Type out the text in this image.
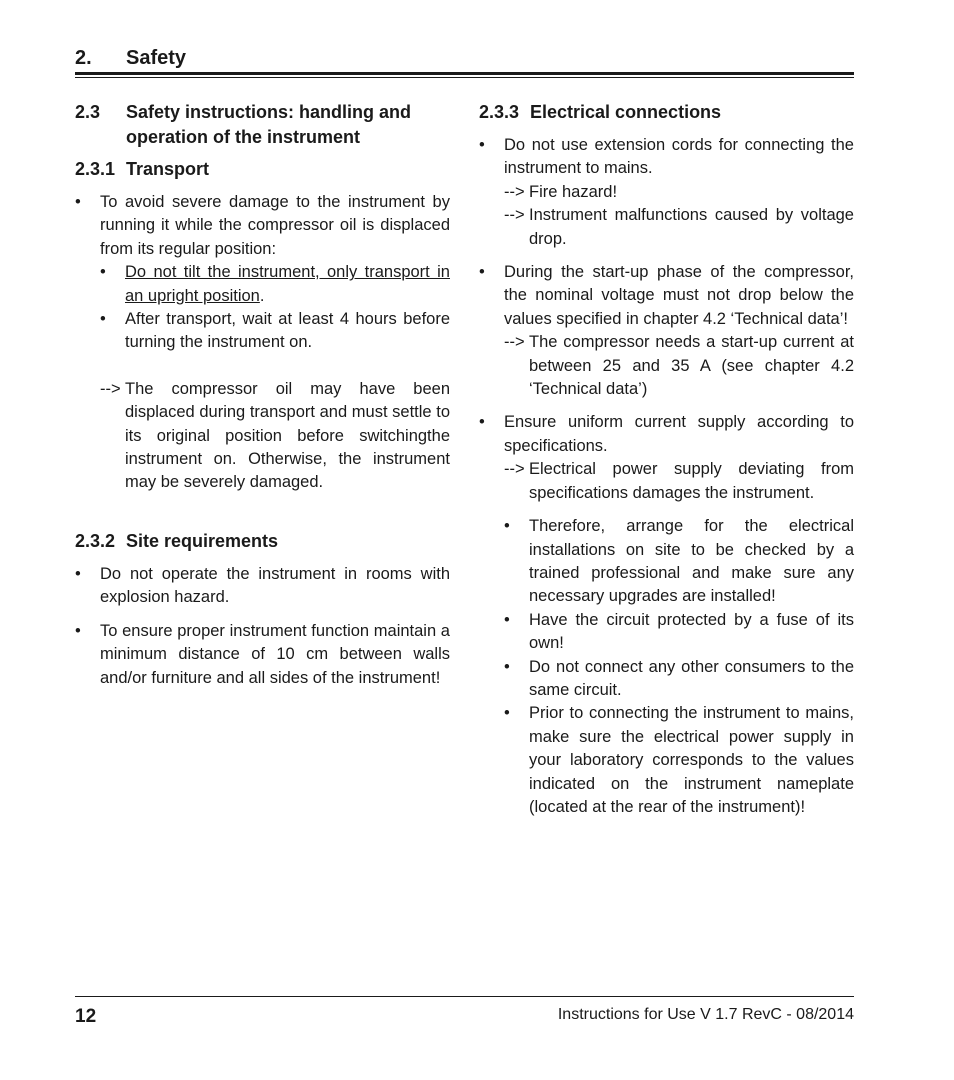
2. Safety
2.3	Safety instructions: handling and
operation of the instrument
2.3.1 Transport
• To avoid severe damage to the instrument by running it while the compressor oil is displaced from its regular position:
• Do not tilt the instrument, only transport in an upright position.
• After transport, wait at least 4 hours before turning the instrument on.
--> The compressor oil may have been displaced during transport and must settle to its original position before switchingthe instrument on. Otherwise, the instrument may be severely damaged.
2.3.2 Site requirements
• Do not operate the instrument in rooms with explosion hazard.
• To ensure proper instrument function maintain a minimum distance of 10 cm between walls and/or furniture and all sides of the instrument!
2.3.3 Electrical connections
• Do not use extension cords for connecting the instrument to mains.
--> Fire hazard!
--> Instrument malfunctions caused by voltage drop.
• During the start-up phase of the compressor, the nominal voltage must not drop below the values specified in chapter 4.2 ‘Technical data’!
--> The compressor needs a start-up current at between 25 and 35 A (see chapter 4.2 ‘Technical data’)
• Ensure uniform current supply according to specifications.
--> Electrical power supply deviating from specifications damages the instrument.
• Therefore, arrange for the electrical installations on site to be checked by a trained professional and make sure any necessary upgrades are installed!
• Have the circuit protected by a fuse of its own!
• Do not connect any other consumers to the same circuit.
• Prior to connecting the instrument to mains, make sure the electrical power supply in your laboratory corresponds to the values indicated on the instrument nameplate (located at the rear of the instrument)!
12	Instructions for Use V 1.7 RevC - 08/2014
